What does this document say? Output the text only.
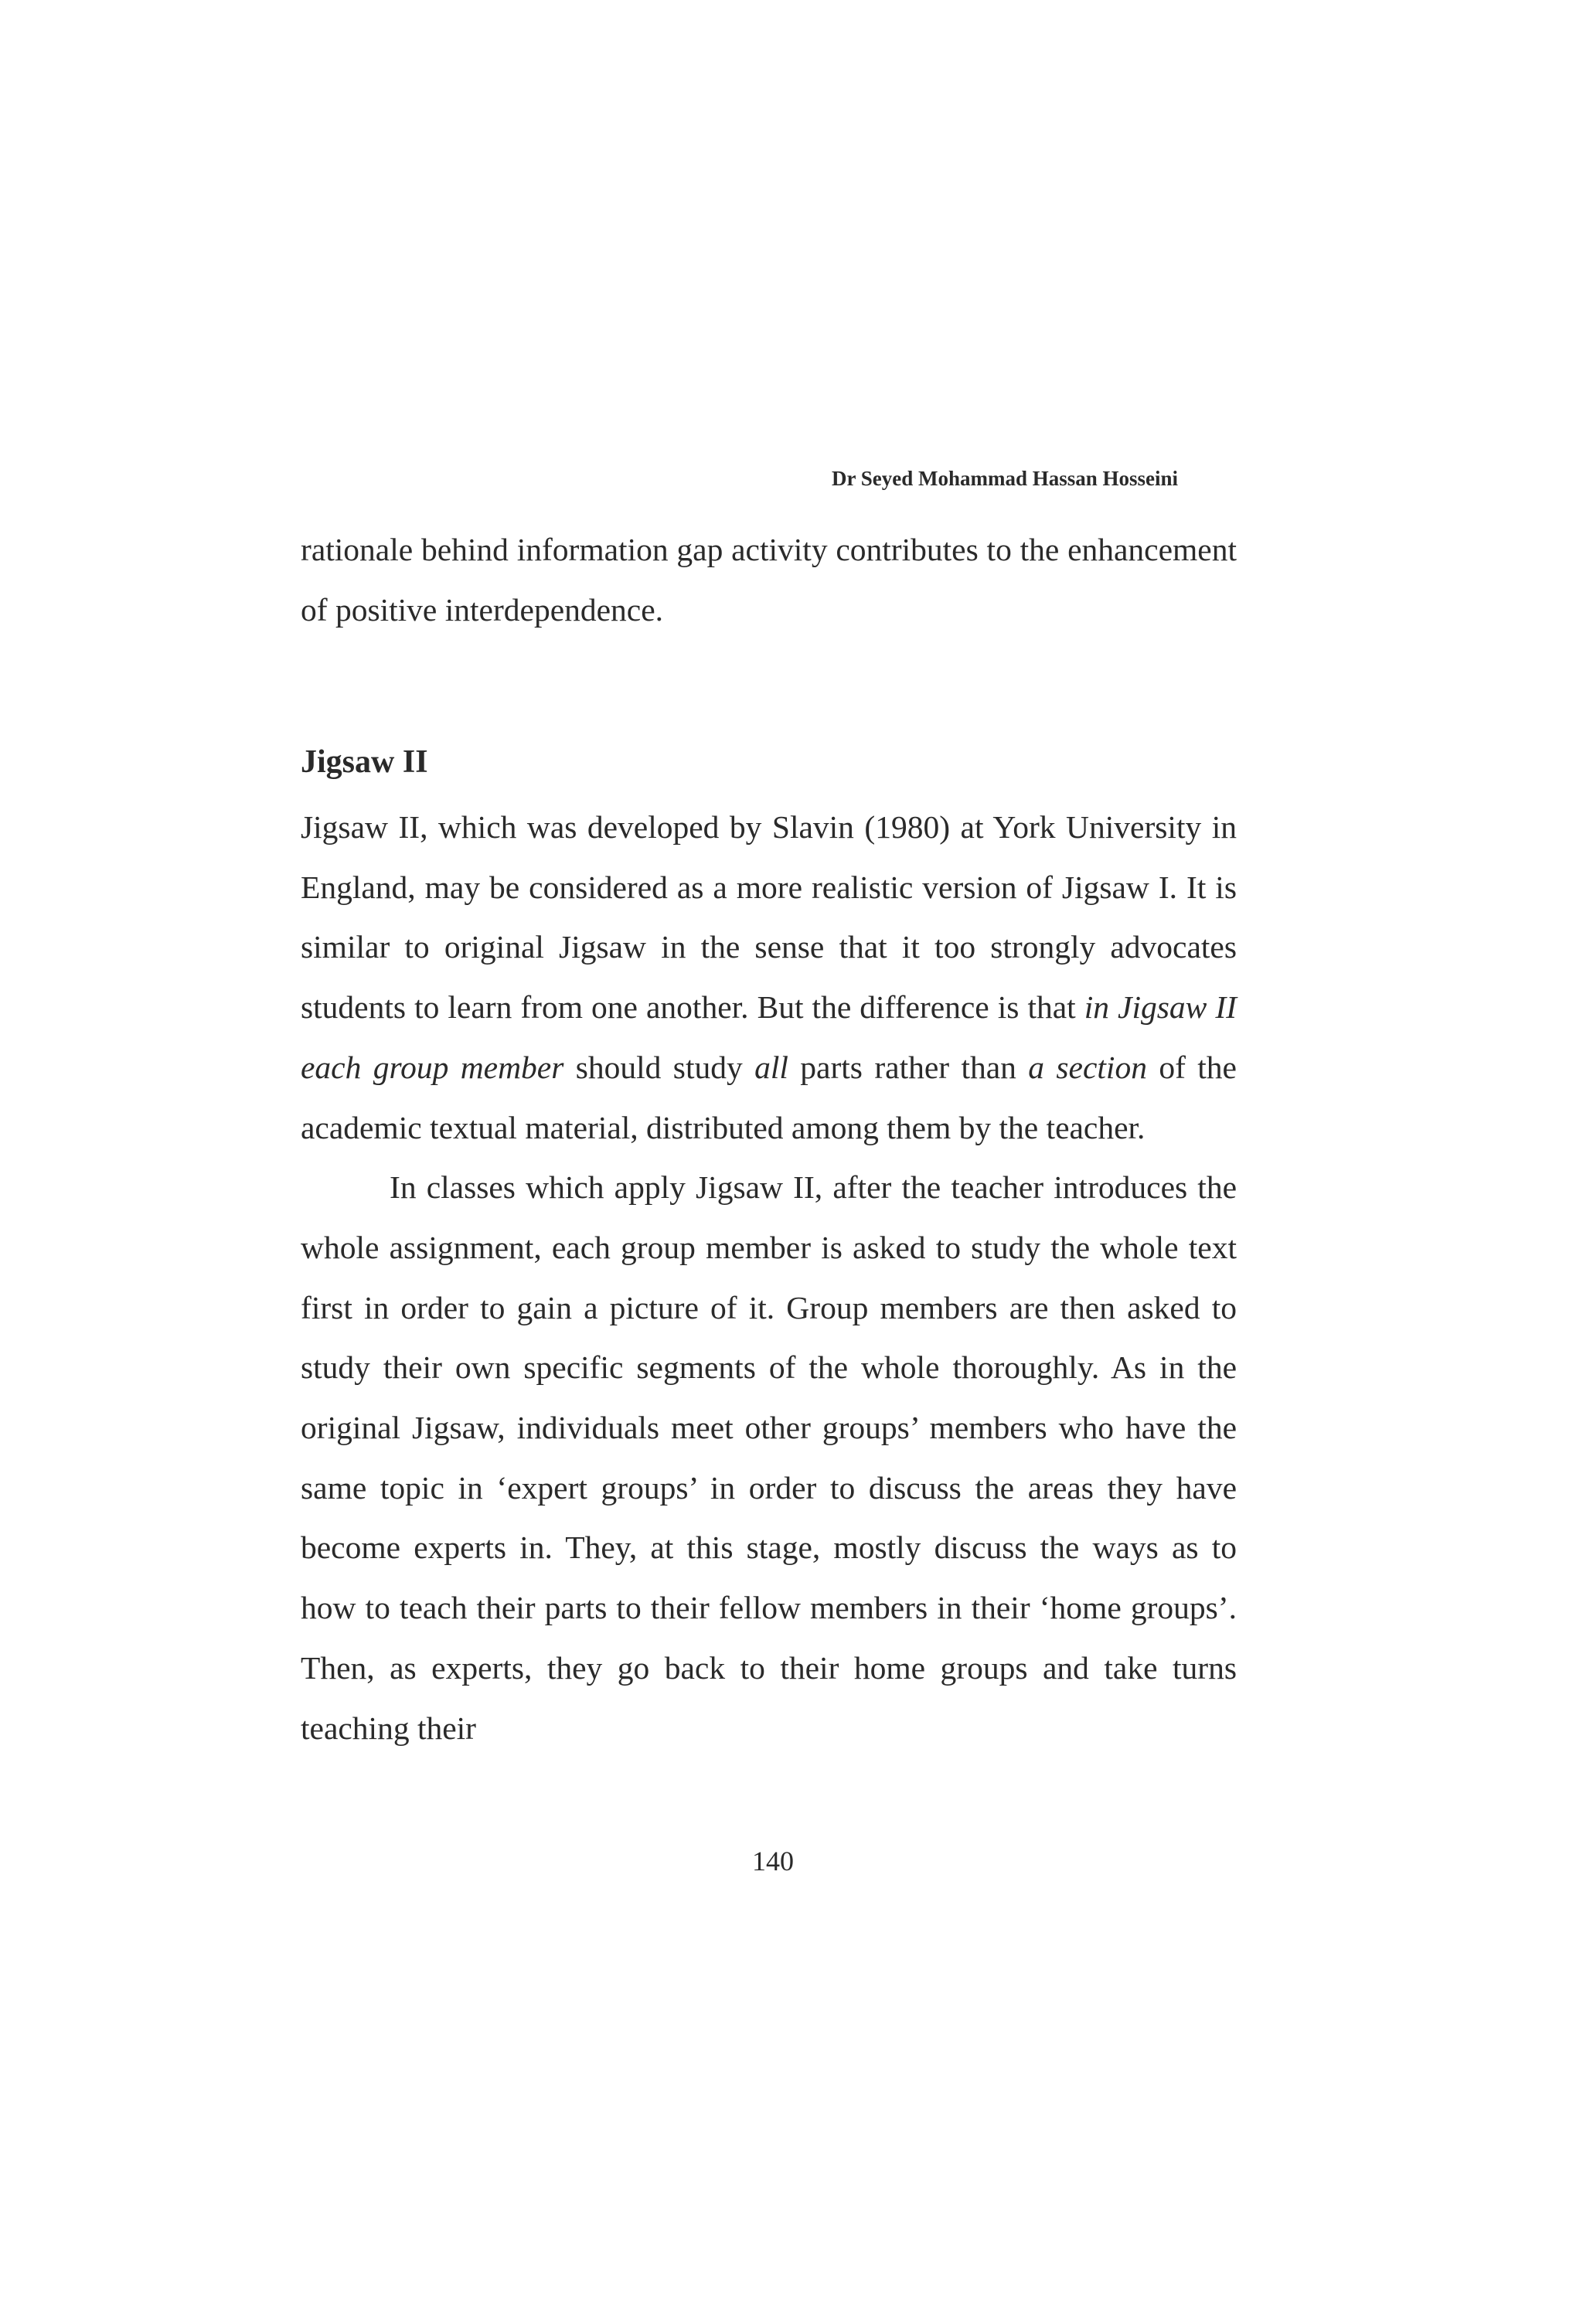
Dr Seyed Mohammad Hassan Hosseini

rationale behind information gap activity contributes to the enhancement of positive interdependence.

Jigsaw II

Jigsaw II, which was developed by Slavin (1980) at York University in England, may be considered as a more realistic version of Jigsaw I. It is similar to original Jigsaw in the sense that it too strongly advocates students to learn from one another. But the difference is that in Jigsaw II each group member should study all parts rather than a section of the academic textual material, distributed among them by the teacher.

In classes which apply Jigsaw II, after the teacher introduces the whole assignment, each group member is asked to study the whole text first in order to gain a picture of it. Group members are then asked to study their own specific segments of the whole thoroughly. As in the original Jigsaw, individuals meet other groups’ members who have the same topic in ‘expert groups’ in order to discuss the areas they have become experts in. They, at this stage, mostly discuss the ways as to how to teach their parts to their fellow members in their ‘home groups’. Then, as experts, they go back to their home groups and take turns teaching their

140
